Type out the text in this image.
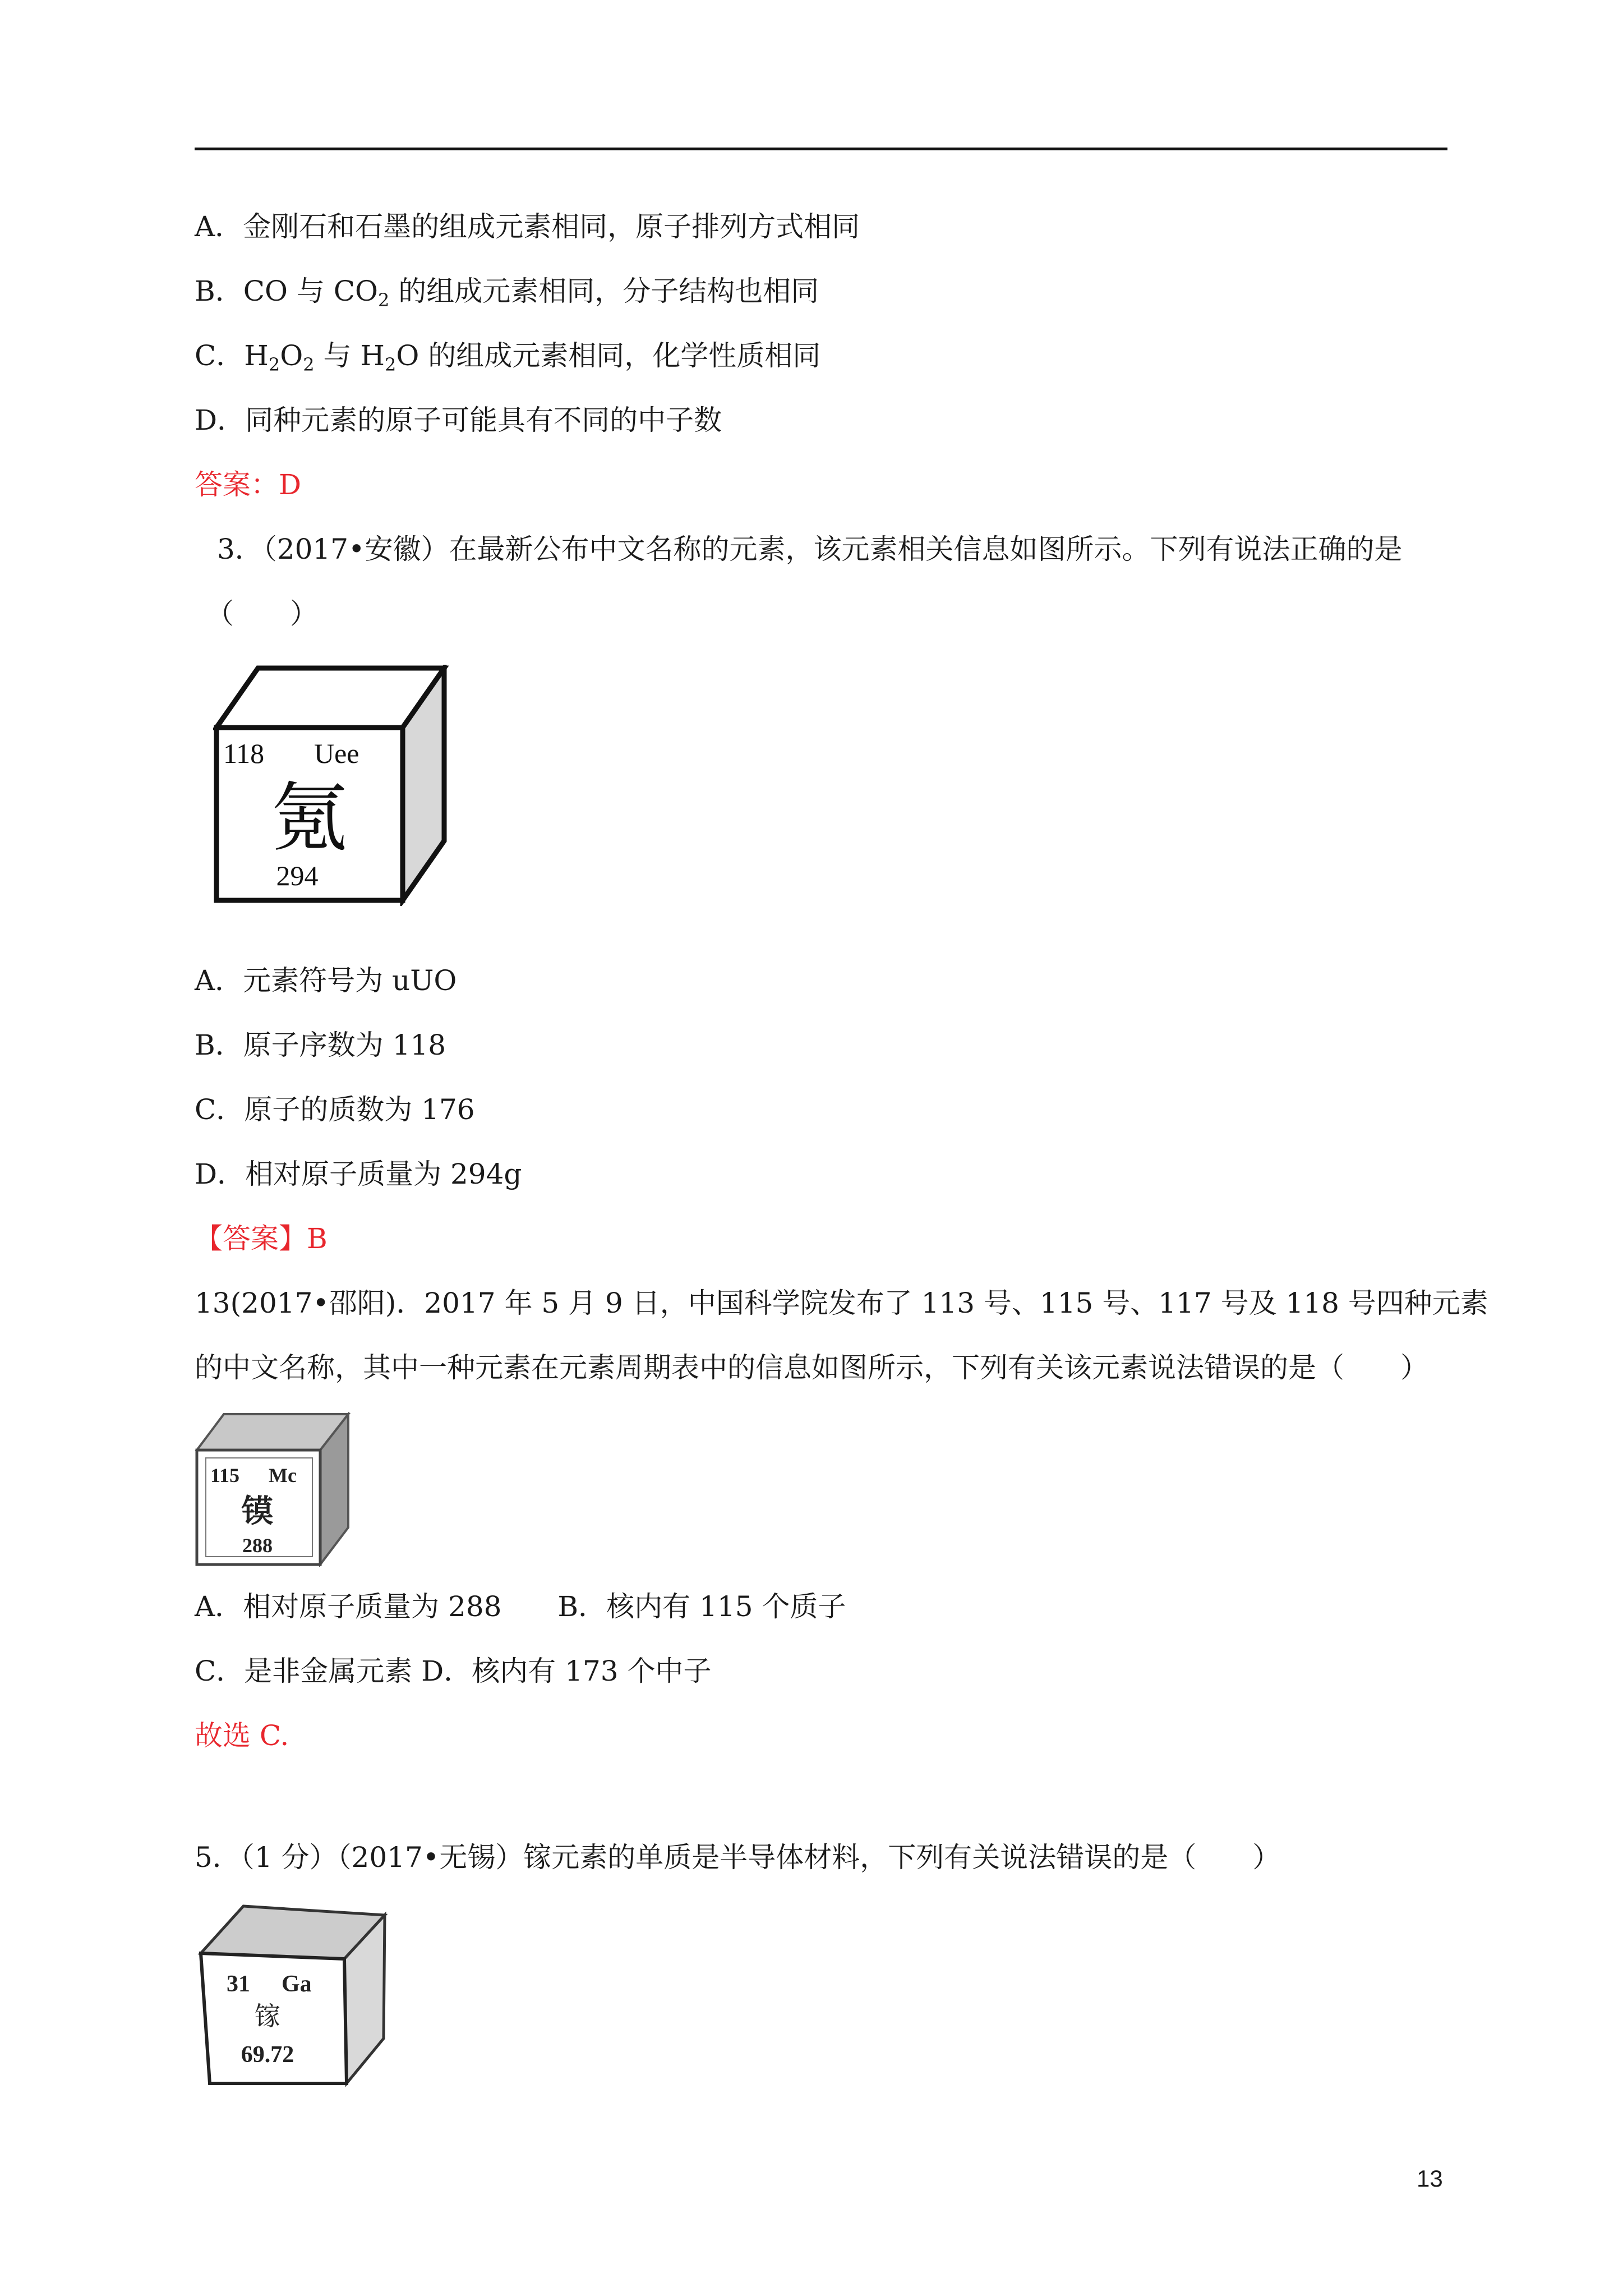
A．金刚石和石墨的组成元素相同，原子排列方式相同
B．CO 与 $CO_2$ 的组成元素相同，分子结构也相同
C．$H_2O_2$ 与 $H_2O$ 的组成元素相同，化学性质相同
D．同种元素的原子可能具有不同的中子数
答案：D
3．（2017•安徽）在最新公布中文名称的元素，该元素相关信息如图所示。下列有说法正确的是
（　　）
118 Uee
氪
294
A．元素符号为 uUO
B．原子序数为 118
C．原子的质数为 176
D．相对原子质量为 294g
【答案】B
13(2017•邵阳)．2017 年 5 月 9 日，中国科学院发布了 113 号、115 号、117 号及 118 号四种元素
的中文名称，其中一种元素在元素周期表中的信息如图所示，下列有关该元素说法错误的是（　　）
115 Mc
镆
288
A．相对原子质量为 288　　B．核内有 115 个质子
C．是非金属元素 D．核内有 173 个中子
故选 C.
5．（1 分）（2017•无锡）镓元素的单质是半导体材料，下列有关说法错误的是（　　）
31 Ga
镓
69.72
13
